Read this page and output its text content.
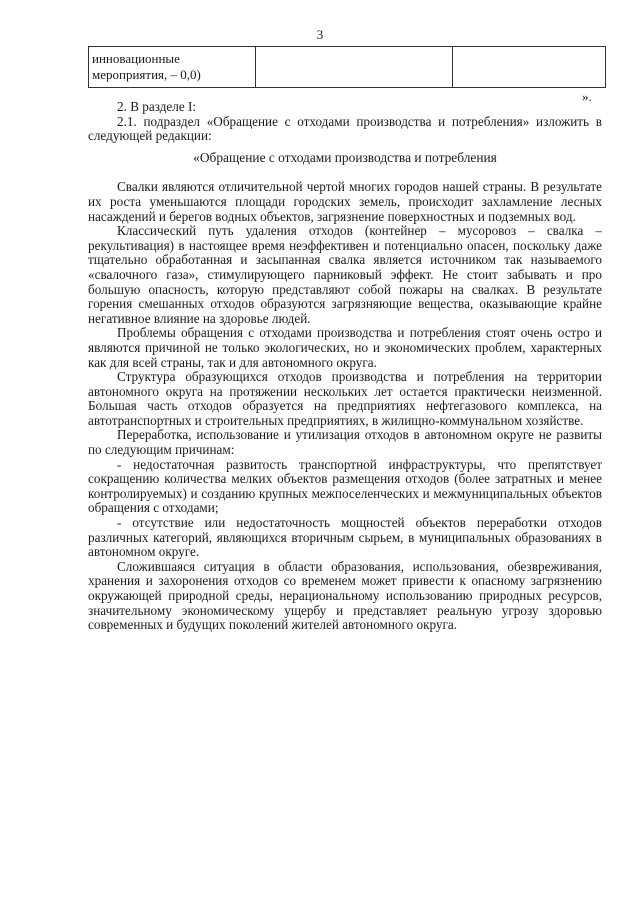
3
инновационные
мероприятия, – 0,0)

».

2. В разделе I:

2.1. подраздел «Обращение с отходами производства и потребления» изложить в следующей редакции:

«Обращение с отходами производства и потребления

Свалки являются отличительной чертой многих городов нашей страны. В результате их роста уменьшаются площади городских земель, происходит захламление лесных насаждений и берегов водных объектов, загрязнение поверхностных и подземных вод.

Классический путь удаления отходов (контейнер – мусоровоз – свалка – рекультивация) в настоящее время неэффективен и потенциально опасен, поскольку даже тщательно обработанная и засыпанная свалка является источником так называемого «свалочного газа», стимулирующего парниковый эффект. Не стоит забывать и про большую опасность, которую представляют собой пожары на свалках. В результате горения смешанных отходов образуются загрязняющие вещества, оказывающие крайне негативное влияние на здоровье людей.

Проблемы обращения с отходами производства и потребления стоят очень остро и являются причиной не только экологических, но и экономических проблем, характерных как для всей страны, так и для автономного округа.

Структура образующихся отходов производства и потребления на территории автономного округа на протяжении нескольких лет остается практически неизменной. Большая часть отходов образуется на предприятиях нефтегазового комплекса, на автотранспортных и строительных предприятиях, в жилищно-коммунальном хозяйстве.

Переработка, использование и утилизация отходов в автономном округе не развиты по следующим причинам:

- недостаточная развитость транспортной инфраструктуры, что препятствует сокращению количества мелких объектов размещения отходов (более затратных и менее контролируемых) и созданию крупных межпоселенческих и межмуниципальных объектов обращения с отходами;

- отсутствие или недостаточность мощностей объектов переработки отходов различных категорий, являющихся вторичным сырьем, в муниципальных образованиях в автономном округе.

Сложившаяся ситуация в области образования, использования, обезвреживания, хранения и захоронения отходов со временем может привести к опасному загрязнению окружающей природной среды, нерациональному использованию природных ресурсов, значительному экономическому ущербу и представляет реальную угрозу здоровью современных и будущих поколений жителей автономного округа.
